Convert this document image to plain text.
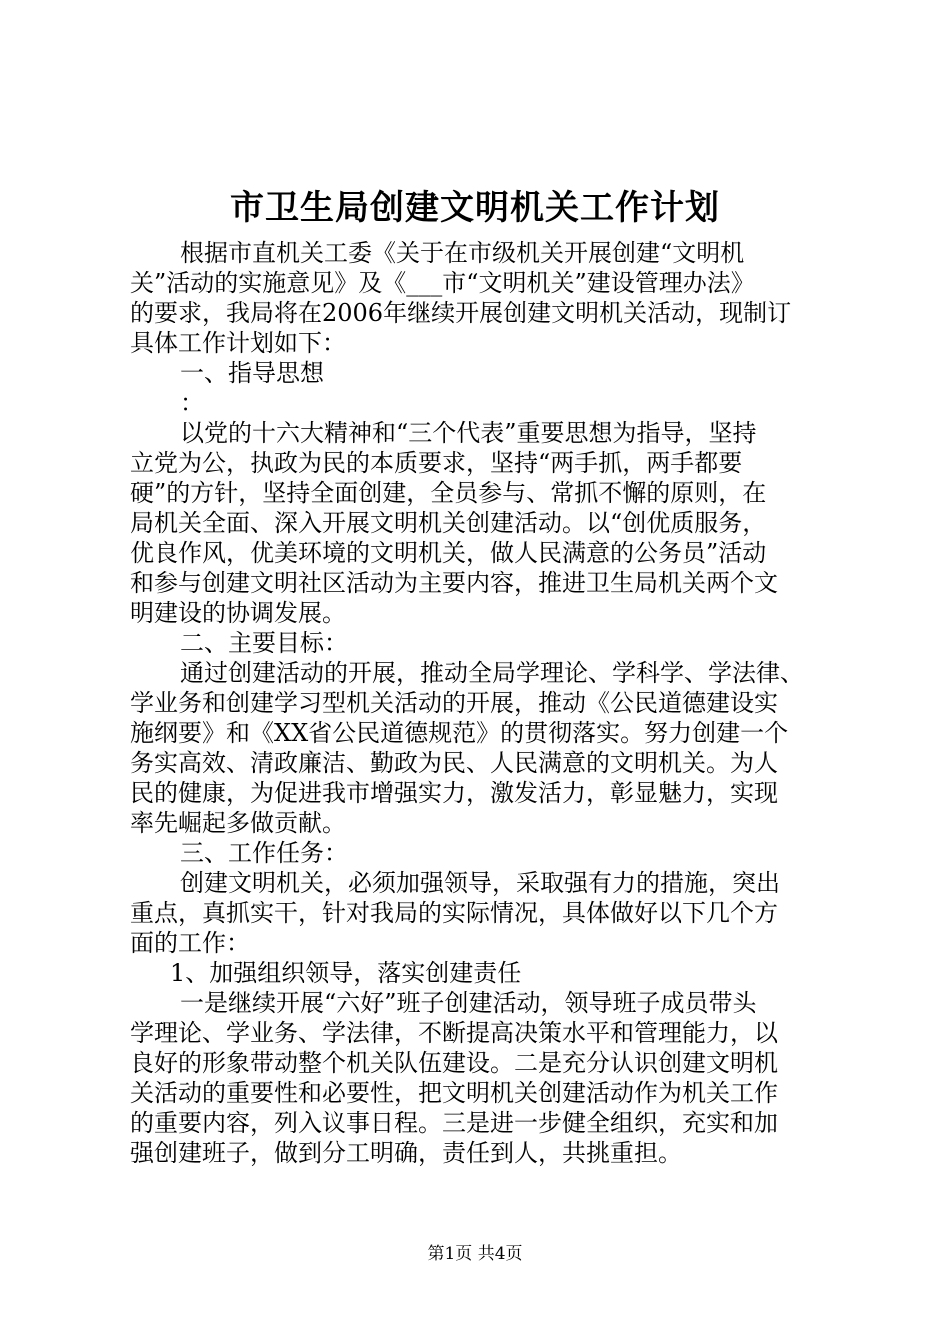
市卫生局创建文明机关工作计划
根据市直机关工委《关于在市级机关开展创建“文明机
关”活动的实施意见》及《___市“文明机关”建设管理办法》
的要求，我局将在2006年继续开展创建文明机关活动，现制订
具体工作计划如下：
一、指导思想
：
以党的十六大精神和“三个代表”重要思想为指导，坚持
立党为公，执政为民的本质要求，坚持“两手抓，两手都要
硬”的方针，坚持全面创建，全员参与、常抓不懈的原则，在
局机关全面、深入开展文明机关创建活动。以“创优质服务，
优良作风，优美环境的文明机关，做人民满意的公务员”活动
和参与创建文明社区活动为主要内容，推进卫生局机关两个文
明建设的协调发展。
二、主要目标：
通过创建活动的开展，推动全局学理论、学科学、学法律、
学业务和创建学习型机关活动的开展，推动《公民道德建设实
施纲要》和《XX省公民道德规范》的贯彻落实。努力创建一个
务实高效、清政廉洁、勤政为民、人民满意的文明机关。为人
民的健康，为促进我市增强实力，激发活力，彰显魅力，实现
率先崛起多做贡献。
三、工作任务：
创建文明机关，必须加强领导，采取强有力的措施，突出
重点，真抓实干，针对我局的实际情况，具体做好以下几个方
面的工作：
1、加强组织领导，落实创建责任
一是继续开展“六好”班子创建活动，领导班子成员带头
学理论、学业务、学法律，不断提高决策水平和管理能力，以
良好的形象带动整个机关队伍建设。二是充分认识创建文明机
关活动的重要性和必要性，把文明机关创建活动作为机关工作
的重要内容，列入议事日程。三是进一步健全组织，充实和加
强创建班子，做到分工明确，责任到人，共挑重担。
第1页 共4页
